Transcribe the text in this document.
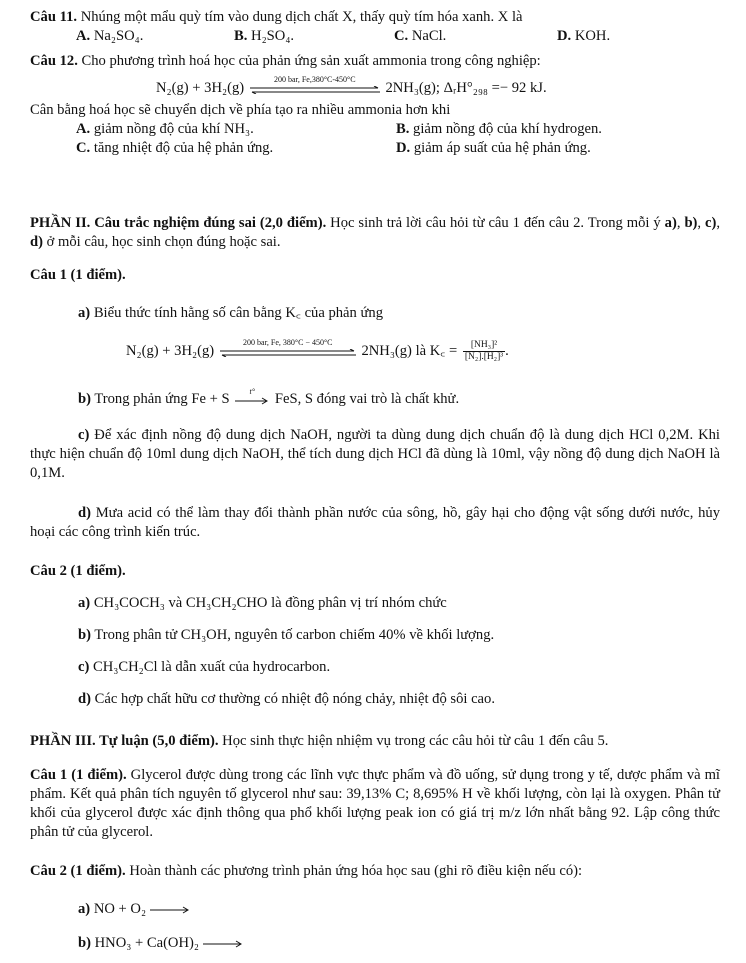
Câu 11. Nhúng một mẩu quỳ tím vào dung dịch chất X, thấy quỳ tím hóa xanh. X là
A. Na₂SO₄.	B. H₂SO₄.	C. NaCl.	D. KOH.
Câu 12. Cho phương trình hoá học của phản ứng sản xuất ammonia trong công nghiệp:
N₂(g) + 3H₂(g)
200 bar, Fe,380°C-450°C
2NH₃(g); ΔᵣH°₂₉₈ =− 92 kJ.
Cân bằng hoá học sẽ chuyển dịch về phía tạo ra nhiều ammonia hơn khi
A. giảm nồng độ của khí NH₃.	B. giảm nồng độ của khí hydrogen.
C. tăng nhiệt độ của hệ phản ứng.	D. giảm áp suất của hệ phản ứng.
PHẦN II. Câu trắc nghiệm đúng sai (2,0 điểm). Học sinh trả lời câu hỏi từ câu 1 đến câu 2. Trong mỗi ý a), b), c), d) ở mỗi câu, học sinh chọn đúng hoặc sai.
Câu 1 (1 điểm).
a) Biểu thức tính hằng số cân bằng K꜀ của phản ứng
N₂(g) + 3H₂(g)
200 bar, Fe, 380°C − 450°C
2NH₃(g) là K꜀ = $\frac{\text{[NH₃]²}}{\text{[N₂].[H₂]³}}$ .
b) Trong phản ứng Fe + S	t°	FeS, S đóng vai trò là chất khử.
c) Để xác định nồng độ dung dịch NaOH, người ta dùng dung dịch chuẩn độ là dung dịch HCl 0,2M. Khi thực hiện chuẩn độ 10ml dung dịch NaOH, thể tích dung dịch HCl đã dùng là 10ml, vậy nồng độ dung dịch NaOH là 0,1M.
d) Mưa acid có thể làm thay đổi thành phần nước của sông, hồ, gây hại cho động vật sống dưới nước, hủy hoại các công trình kiến trúc.
Câu 2 (1 điểm).
a) CH₃COCH₃ và CH₃CH₂CHO là đồng phân vị trí nhóm chức
b) Trong phân tử CH₃OH, nguyên tố carbon chiếm 40% về khối lượng.
c) CH₃CH₂Cl là dẫn xuất của hydrocarbon.
d) Các hợp chất hữu cơ thường có nhiệt độ nóng chảy, nhiệt độ sôi cao.
PHẦN III. Tự luận (5,0 điểm). Học sinh thực hiện nhiệm vụ trong các câu hỏi từ câu 1 đến câu 5.
Câu 1 (1 điểm). Glycerol được dùng trong các lĩnh vực thực phẩm và đồ uống, sử dụng trong y tế, dược phẩm và mĩ phẩm. Kết quả phân tích nguyên tố glycerol như sau: 39,13% C; 8,695% H về khối lượng, còn lại là oxygen. Phân tử khối của glycerol được xác định thông qua phổ khối lượng peak ion có giá trị m/z lớn nhất bằng 92. Lập công thức phân tử của glycerol.
Câu 2 (1 điểm). Hoàn thành các phương trình phản ứng hóa học sau (ghi rõ điều kiện nếu có):
a) NO + O₂ →
b) HNO₃ + Ca(OH)₂ →
